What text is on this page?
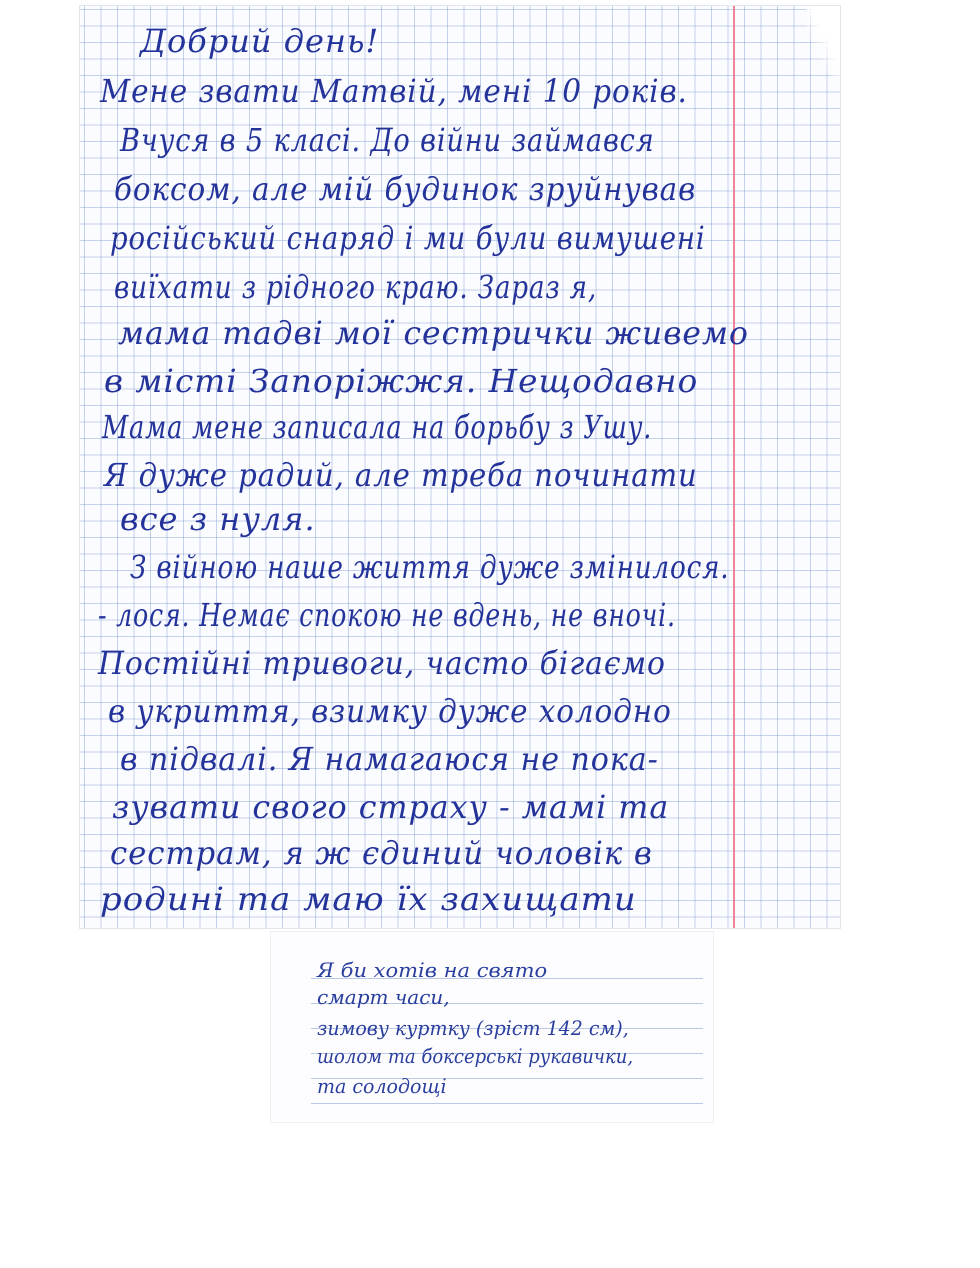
Добрий день!
Мене звати Матвій, мені 10 років.
Вчуся в 5 класі. До війни займався
боксом, але мій будинок зруйнував
російський снаряд і ми були вимушені
виїхати з рідного краю. Зараз я,
мама тадві мої сестрички живемо
в місті Запоріжжя. Нещодавно
Мама мене записала на борьбу з Ушу.
Я дуже радий, але треба починати
все з нуля.
З війною наше життя дуже змінилося.
- лося. Немає спокою не вдень, не вночі.
Постійні тривоги, часто бігаємо
в укриття, взимку дуже холодно
в підвалі. Я намагаюся не пока-
зувати свого страху - мамі та
сестрам, я ж єдиний чоловік в
родині та маю їх захищати
Я би хотів на свято
смарт часи,
зимову куртку (зріст 142 см),
шолом та боксерські рукавички,
та солодощі
